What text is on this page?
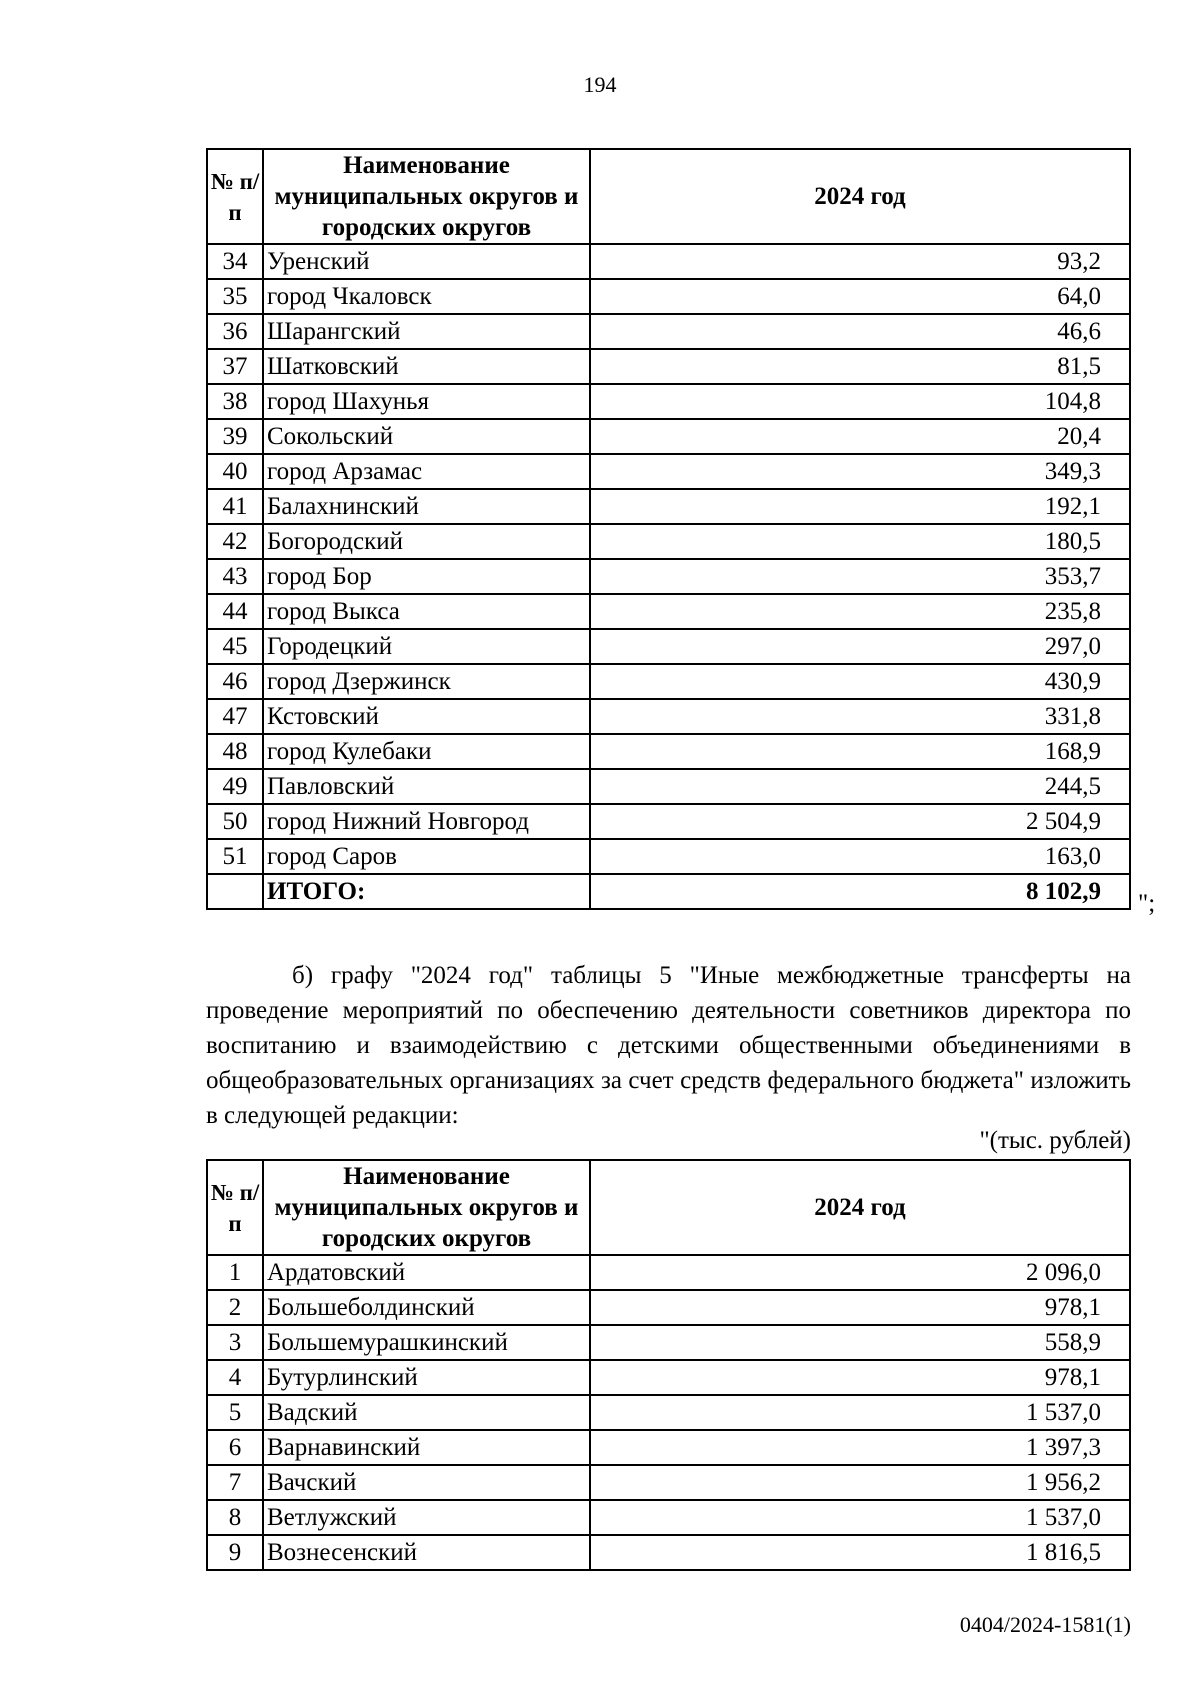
194
№ п/п	Наименование муниципальных округов и городских округов	2024 год
34	Уренский	93,2
35	город Чкаловск	64,0
36	Шарангский	46,6
37	Шатковский	81,5
38	город Шахунья	104,8
39	Сокольский	20,4
40	город Арзамас	349,3
41	Балахнинский	192,1
42	Богородский	180,5
43	город Бор	353,7
44	город Выкса	235,8
45	Городецкий	297,0
46	город Дзержинск	430,9
47	Кстовский	331,8
48	город Кулебаки	168,9
49	Павловский	244,5
50	город Нижний Новгород	2 504,9
51	город Саров	163,0
	ИТОГО:	8 102,9 ";

б) графу "2024 год" таблицы 5 "Иные межбюджетные трансферты на проведение мероприятий по обеспечению деятельности советников директора по воспитанию и взаимодействию с детскими общественными объединениями в общеобразовательных организациях за счет средств федерального бюджета" изложить в следующей редакции:

"(тыс. рублей)
№ п/п	Наименование муниципальных округов и городских округов	2024 год
1	Ардатовский	2 096,0
2	Большеболдинский	978,1
3	Большемурашкинский	558,9
4	Бутурлинский	978,1
5	Вадский	1 537,0
6	Варнавинский	1 397,3
7	Вачский	1 956,2
8	Ветлужский	1 537,0
9	Вознесенский	1 816,5
0404/2024-1581(1)
